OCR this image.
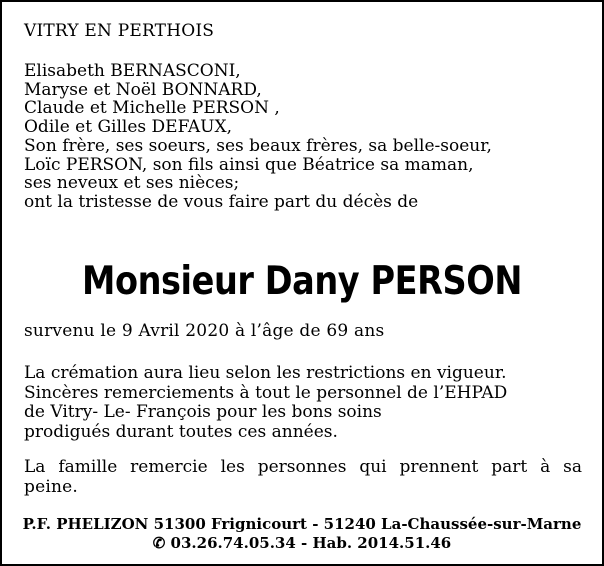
VITRY EN PERTHOIS

Elisabeth BERNASCONI,
Maryse et Noël BONNARD,
Claude et Michelle PERSON ,
Odile et Gilles DEFAUX,
Son frère, ses soeurs, ses beaux frères, sa belle-soeur,
Loïc PERSON, son fils ainsi que Béatrice sa maman,
ses neveux et ses nièces;
ont la tristesse de vous faire part du décès de

Monsieur Dany PERSON

survenu le 9 Avril 2020 à l’âge de 69 ans

La crémation aura lieu selon les restrictions en vigueur.
Sincères remerciements à tout le personnel de l’EHPAD
de Vitry- Le- François pour les bons soins
prodigués durant toutes ces années.

La famille remercie les personnes qui prennent part à sa

peine.

P.F. PHELIZON 51300 Frignicourt - 51240 La-Chaussée-sur-Marne

✆ 03.26.74.05.34 - Hab. 2014.51.46
